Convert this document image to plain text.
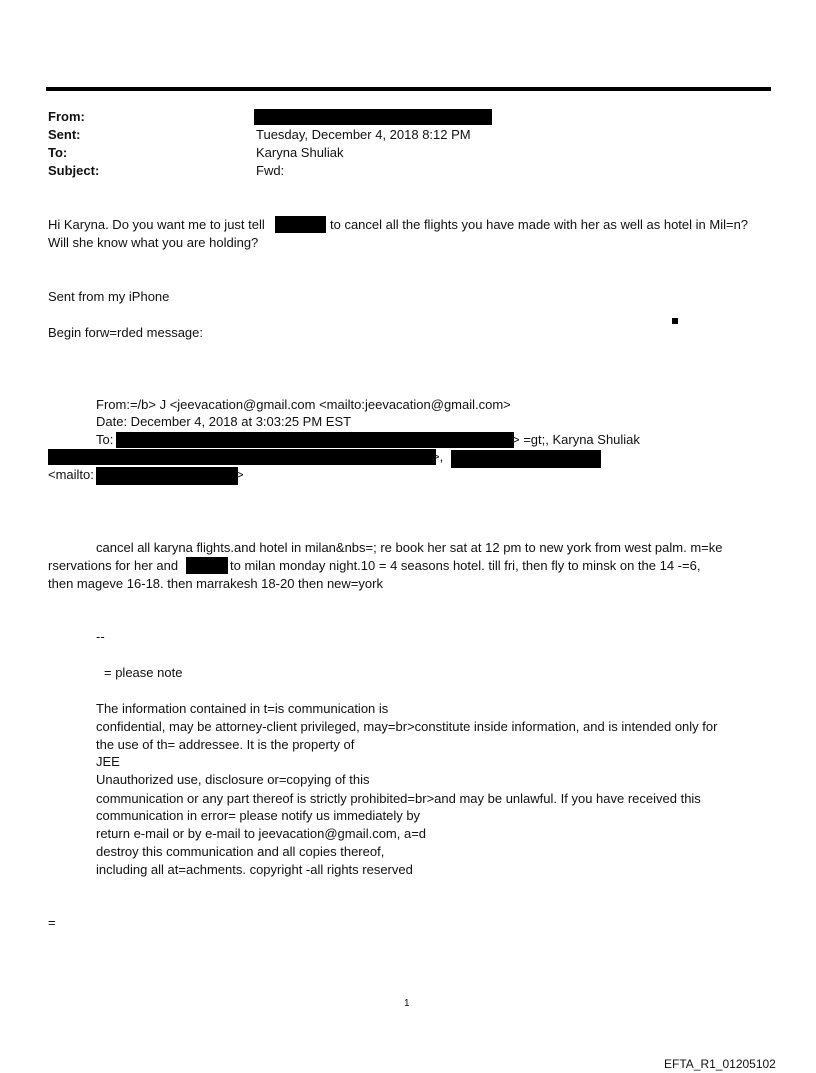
From:
Sent:	Tuesday, December 4, 2018 8:12 PM
To:	Karyna Shuliak
Subject:	Fwd:
Hi Karyna. Do you want me to just tell	to cancel all the flights you have made with her as well as hotel in Mil=n?
Will she know what you are holding?
Sent from my iPhone
Begin forw=rded message:
From:=/b> J <jeevacation@gmail.com <mailto:jeevacation@gmail.com>
Date: December 4, 2018 at 3:03:25 PM EST
To:	> =gt;, Karyna Shuliak
>,
<mailto:	>
cancel all karyna flights.and hotel in milan&nbs=; re book her sat at 12 pm to new york from west palm. m=ke
rservations for her and	to milan monday night.10 = 4 seasons hotel. till fri, then fly to minsk on the 14 -=6,
then mageve 16-18. then marrakesh 18-20 then new=york
--
= please note
The information contained in t=is communication is
confidential, may be attorney-client privileged, may=br>constitute inside information, and is intended only for
the use of th= addressee. It is the property of
JEE
Unauthorized use, disclosure or=copying of this
communication or any part thereof is strictly prohibited=br>and may be unlawful. If you have received this
communication in error= please notify us immediately by
return e-mail or by e-mail to jeevacation@gmail.com, a=d
destroy this communication and all copies thereof,
including all at=achments. copyright -all rights reserved
=
1
EFTA_R1_01205102
